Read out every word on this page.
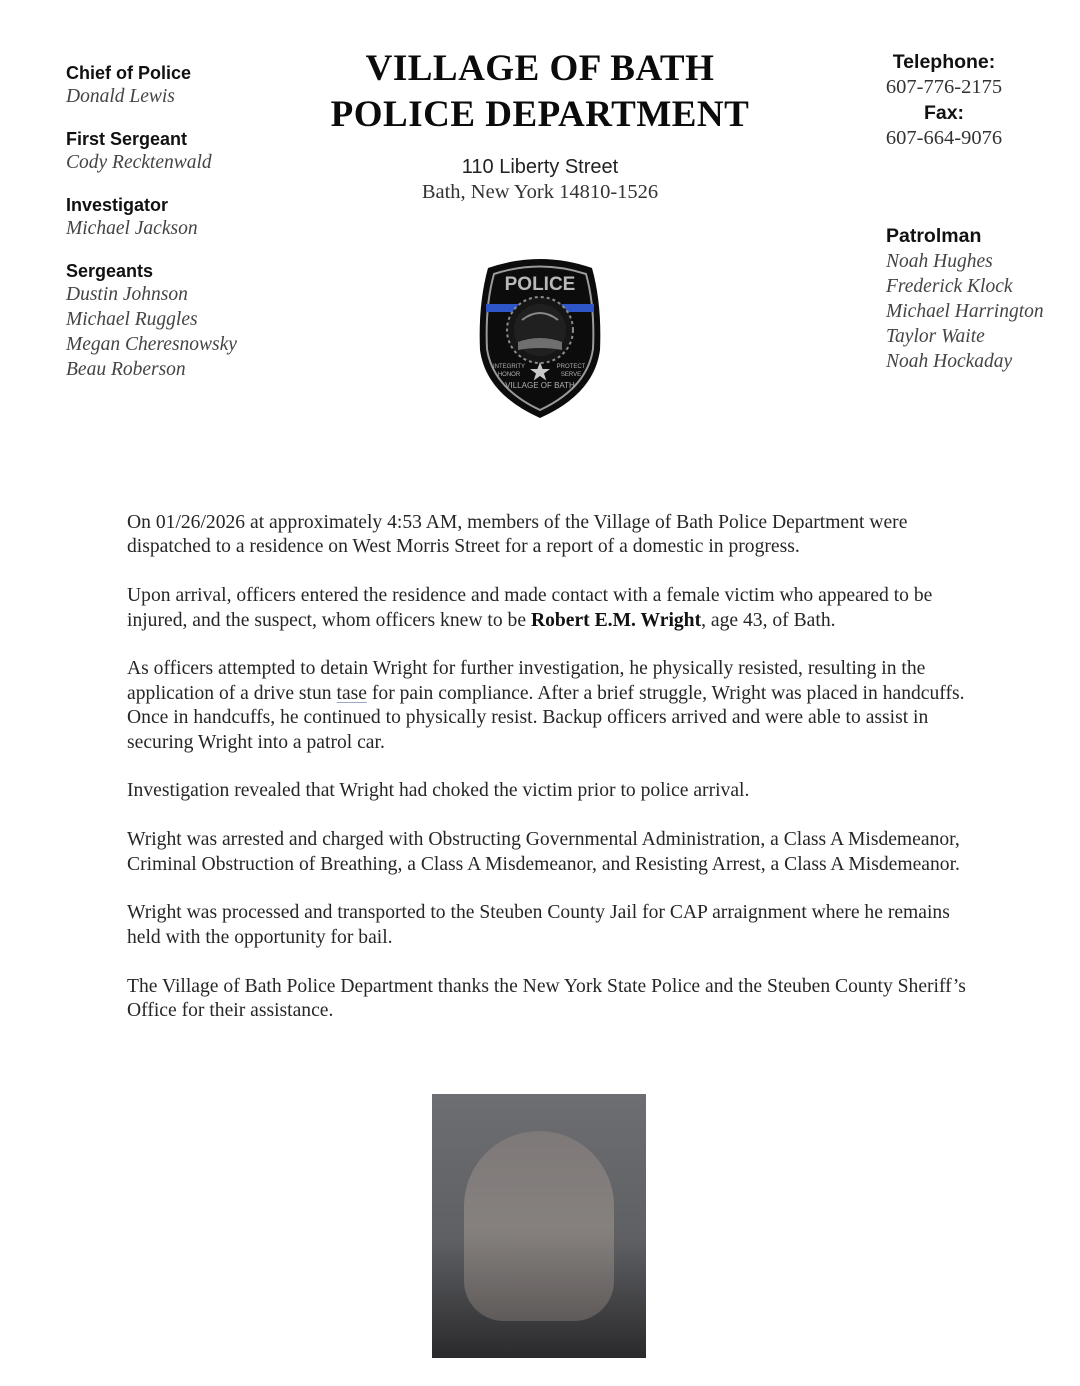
Chief of Police
Donald Lewis
First Sergeant
Cody Recktenwald
Investigator
Michael Jackson
Sergeants
Dustin Johnson
Michael Ruggles
Megan Cheresnowsky
Beau Roberson
VILLAGE OF BATH
POLICE DEPARTMENT
110 Liberty Street
Bath, New York 14810-1526
Telephone:
607-776-2175
Fax:
607-664-9076
Patrolman
Noah Hughes
Frederick Klock
Michael Harrington
Taylor Waite
Noah Hockaday
POLICE
INTEGRITY
HONOR
PROTECT
SERVE
VILLAGE OF BATH

On 01/26/2026 at approximately 4:53 AM, members of the Village of Bath Police Department were dispatched to a residence on West Morris Street for a report of a domestic in progress.

Upon arrival, officers entered the residence and made contact with a female victim who appeared to be injured, and the suspect, whom officers knew to be Robert E.M. Wright, age 43, of Bath.

As officers attempted to detain Wright for further investigation, he physically resisted, resulting in the application of a drive stun tase for pain compliance. After a brief struggle, Wright was placed in handcuffs. Once in handcuffs, he continued to physically resist. Backup officers arrived and were able to assist in securing Wright into a patrol car.

Investigation revealed that Wright had choked the victim prior to police arrival.

Wright was arrested and charged with Obstructing Governmental Administration, a Class A Misdemeanor, Criminal Obstruction of Breathing, a Class A Misdemeanor, and Resisting Arrest, a Class A Misdemeanor.

Wright was processed and transported to the Steuben County Jail for CAP arraignment where he remains held with the opportunity for bail.

The Village of Bath Police Department thanks the New York State Police and the Steuben County Sheriff’s Office for their assistance.
